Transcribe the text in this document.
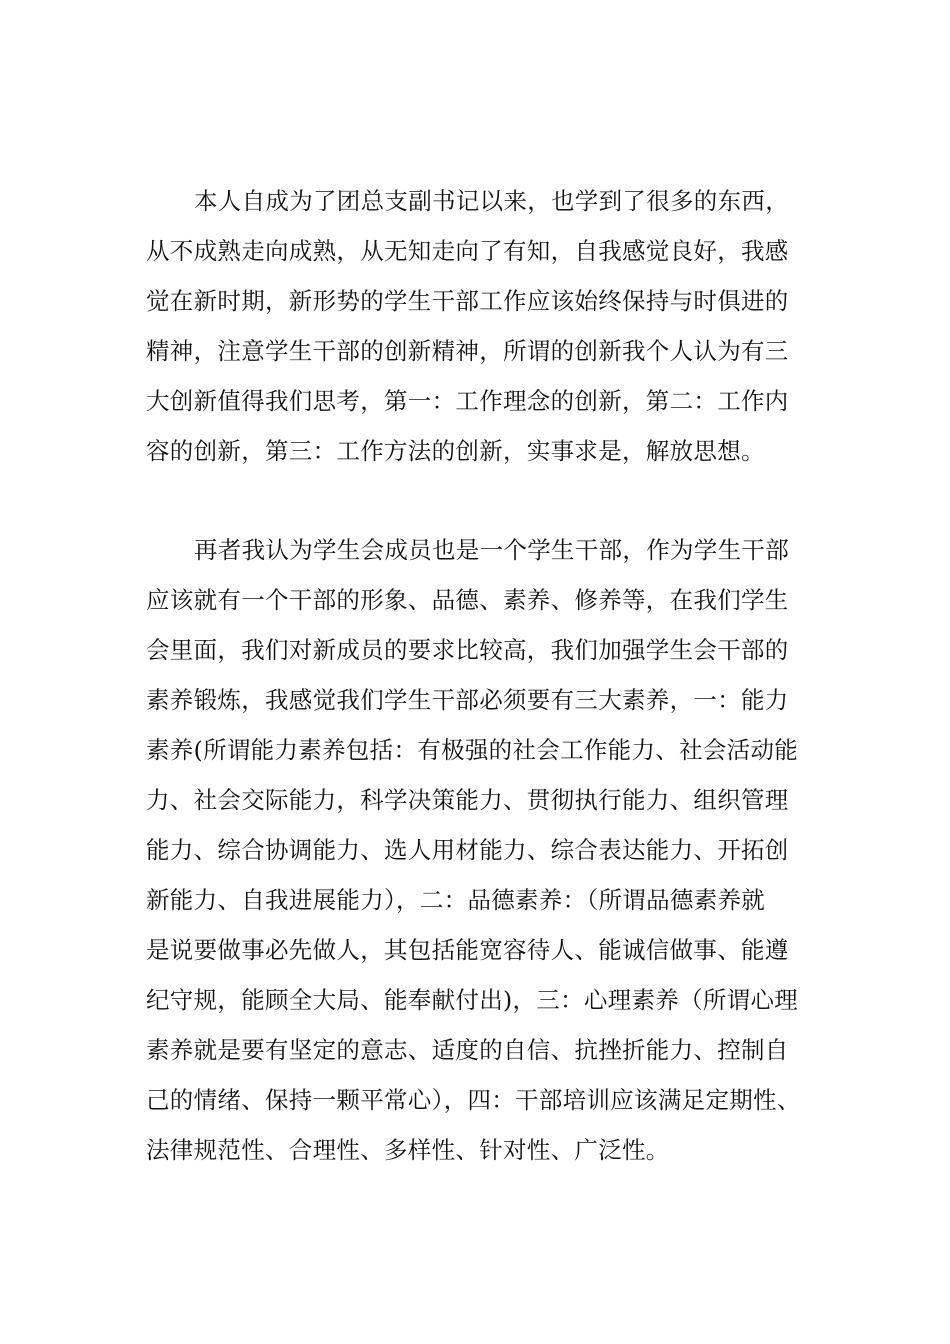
本人自成为了团总支副书记以来，也学到了很多的东西，
从不成熟走向成熟，从无知走向了有知，自我感觉良好，我感
觉在新时期，新形势的学生干部工作应该始终保持与时俱进的
精神，注意学生干部的创新精神，所谓的创新我个人认为有三
大创新值得我们思考，第一：工作理念的创新，第二：工作内
容的创新，第三：工作方法的创新，实事求是，解放思想。
再者我认为学生会成员也是一个学生干部，作为学生干部
应该就有一个干部的形象、品德、素养、修养等，在我们学生
会里面，我们对新成员的要求比较高，我们加强学生会干部的
素养锻炼，我感觉我们学生干部必须要有三大素养，一：能力
素养(所谓能力素养包括：有极强的社会工作能力、社会活动能
力、社会交际能力，科学决策能力、贯彻执行能力、组织管理
能力、综合协调能力、选人用材能力、综合表达能力、开拓创
新能力、自我进展能力），二：品德素养：（所谓品德素养就
是说要做事必先做人，其包括能宽容待人、能诚信做事、能遵
纪守规，能顾全大局、能奉献付出)，三：心理素养（所谓心理
素养就是要有坚定的意志、适度的自信、抗挫折能力、控制自
己的情绪、保持一颗平常心），四：干部培训应该满足定期性、
法律规范性、合理性、多样性、针对性、广泛性。
